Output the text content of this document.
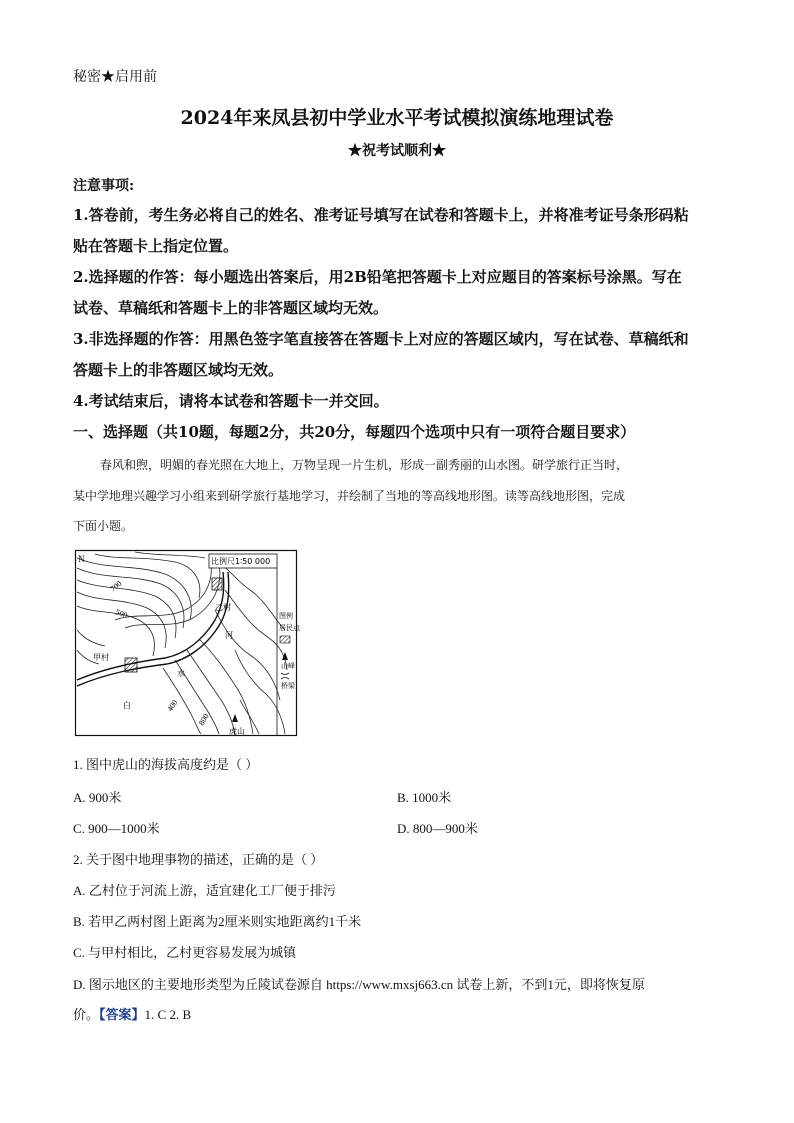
秘密★启用前
2024年来凤县初中学业水平考试模拟演练地理试卷
★祝考试顺利★
注意事项:
1.答卷前，考生务必将自己的姓名、准考证号填写在试卷和答题卡上，并将准考证号条形码粘
贴在答题卡上指定位置。
2.选择题的作答：每小题选出答案后，用2B铅笔把答题卡上对应题目的答案标号涂黑。写在
试卷、草稿纸和答题卡上的非答题区域均无效。
3.非选择题的作答：用黑色签字笔直接答在答题卡上对应的答题区域内，写在试卷、草稿纸和
答题卡上的非答题区域均无效。
4.考试结束后，请将本试卷和答题卡一并交回。
一、选择题（共10题，每题2分，共20分，每题四个选项中只有一项符合题目要求）
春风和煦，明媚的春光照在大地上，万物呈现一片生机，形成一副秀丽的山水图。研学旅行正当时，
某中学地理兴趣学习小组来到研学旅行基地学习，并绘制了当地的等高线地形图。读等高线地形图，完成
下面小题。
N	比例尺1∶50 000
图例
居民点
山峰
桥梁
700
500
400
800
甲村
乙村
白
水
河
虎山
1. 图中虎山的海拔高度约是（ ）
A. 900米	B. 1000米
C. 900—1000米	D. 800—900米
2. 关于图中地理事物的描述，正确的是（ ）
A. 乙村位于河流上游，适宜建化工厂便于排污
B. 若甲乙两村图上距离为2厘米则实地距离约1千米
C. 与甲村相比，乙村更容易发展为城镇
D. 图示地区的主要地形类型为丘陵试卷源自 https://www.mxsj663.cn 试卷上新，不到1元，即将恢复原
价。【答案】1. C 2. B
